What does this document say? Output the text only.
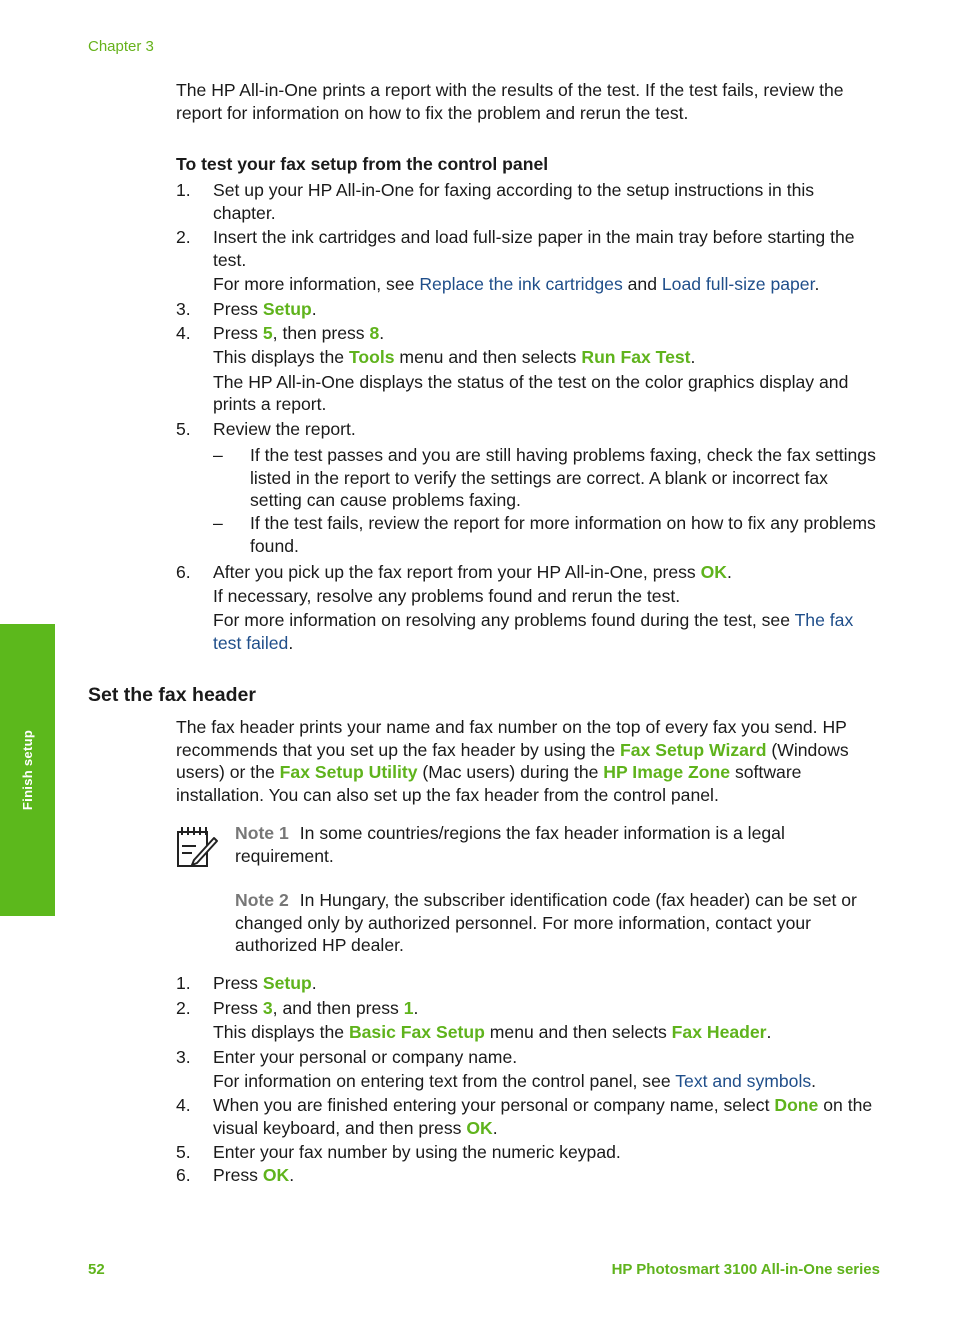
Chapter 3
Finish setup
The HP All-in-One prints a report with the results of the test. If the test fails, review the report for information on how to fix the problem and rerun the test.
To test your fax setup from the control panel
1. Set up your HP All-in-One for faxing according to the setup instructions in this chapter.
2. Insert the ink cartridges and load full-size paper in the main tray before starting the test.
For more information, see Replace the ink cartridges and Load full-size paper.
3. Press Setup.
4. Press 5, then press 8.
This displays the Tools menu and then selects Run Fax Test.
The HP All-in-One displays the status of the test on the color graphics display and prints a report.
5. Review the report.
– If the test passes and you are still having problems faxing, check the fax settings listed in the report to verify the settings are correct. A blank or incorrect fax setting can cause problems faxing.
– If the test fails, review the report for more information on how to fix any problems found.
6. After you pick up the fax report from your HP All-in-One, press OK.
If necessary, resolve any problems found and rerun the test.
For more information on resolving any problems found during the test, see The fax test failed.
Set the fax header
The fax header prints your name and fax number on the top of every fax you send. HP recommends that you set up the fax header by using the Fax Setup Wizard (Windows users) or the Fax Setup Utility (Mac users) during the HP Image Zone software installation. You can also set up the fax header from the control panel.
Note 1 In some countries/regions the fax header information is a legal requirement.
Note 2 In Hungary, the subscriber identification code (fax header) can be set or changed only by authorized personnel. For more information, contact your authorized HP dealer.
1. Press Setup.
2. Press 3, and then press 1.
This displays the Basic Fax Setup menu and then selects Fax Header.
3. Enter your personal or company name.
For information on entering text from the control panel, see Text and symbols.
4. When you are finished entering your personal or company name, select Done on the visual keyboard, and then press OK.
5. Enter your fax number by using the numeric keypad.
6. Press OK.
52	HP Photosmart 3100 All-in-One series
